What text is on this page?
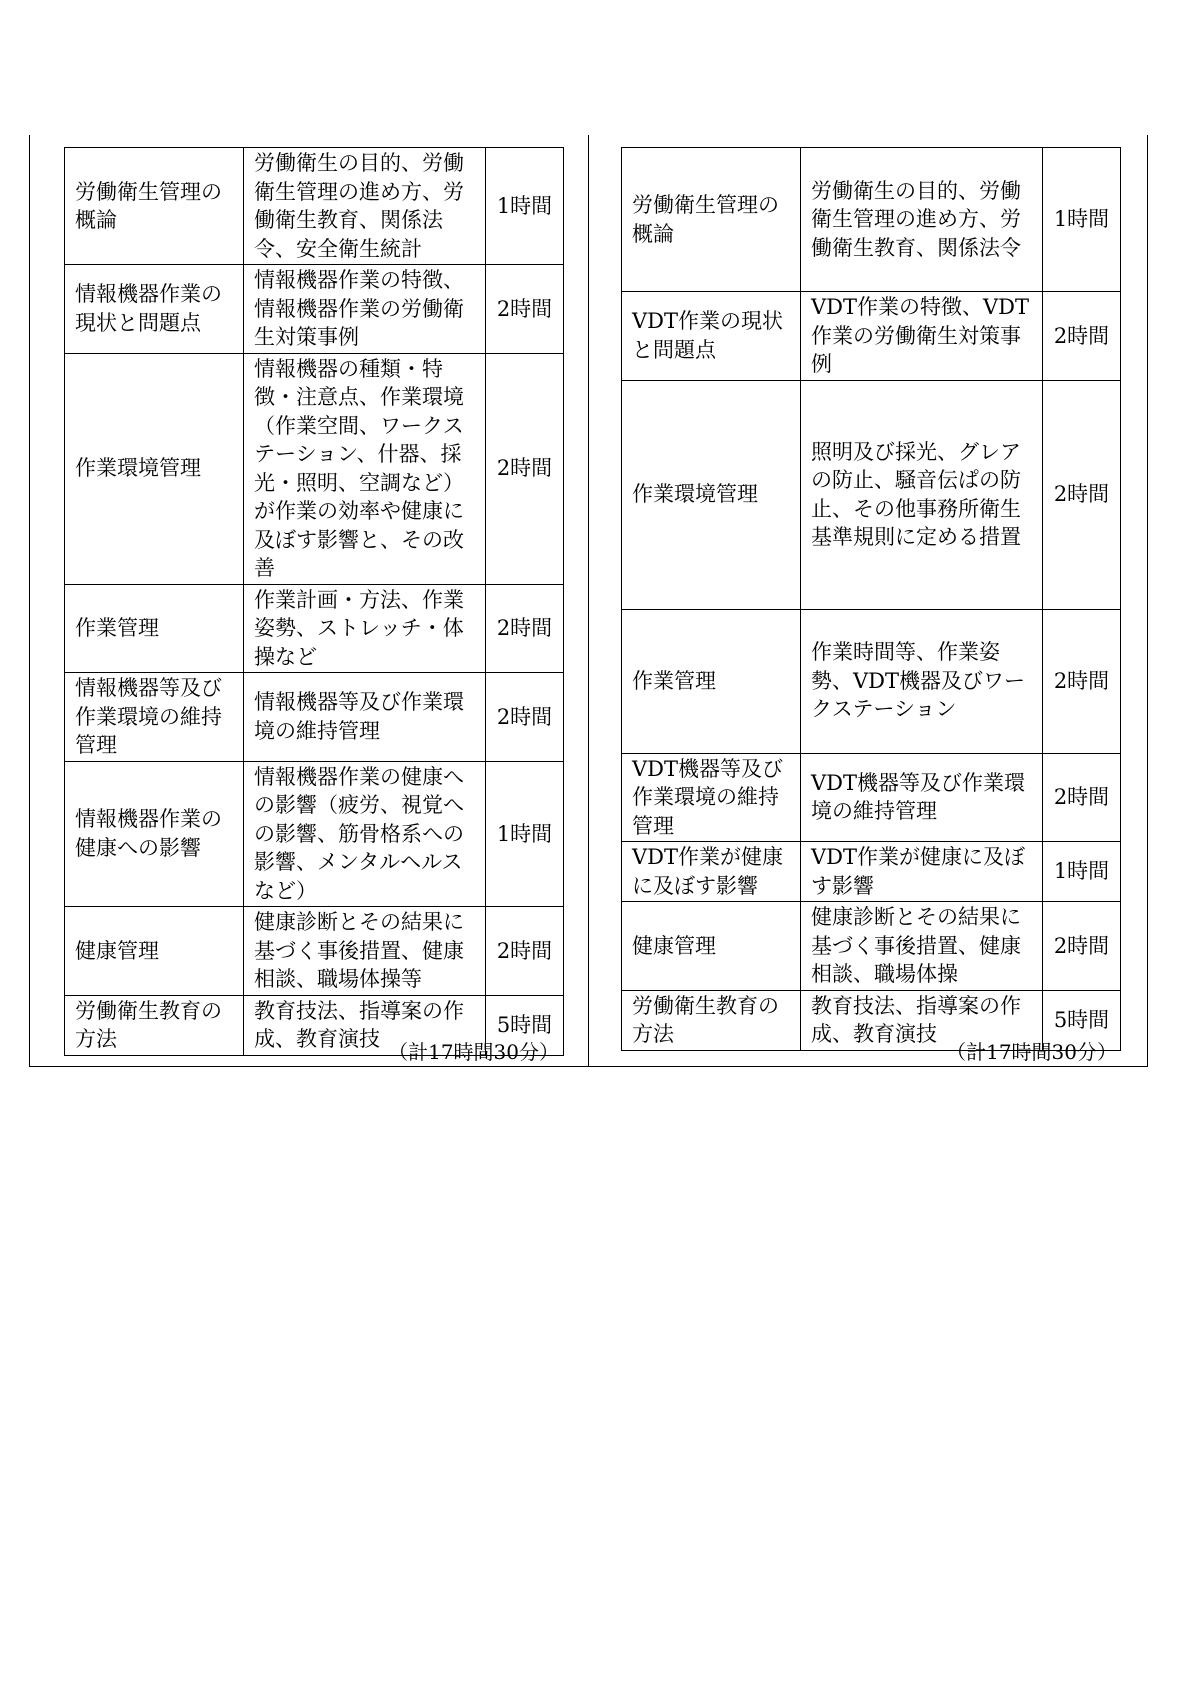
労働衛生管理の概論	労働衛生の目的、労働衛生管理の進め方、労働衛生教育、関係法令、安全衛生統計	1時間
情報機器作業の現状と問題点	情報機器作業の特徴、情報機器作業の労働衛生対策事例	2時間
作業環境管理	情報機器の種類・特徴・注意点、作業環境（作業空間、ワークステーション、什器、採光・照明、空調など）が作業の効率や健康に及ぼす影響と、その改善	2時間
作業管理	作業計画・方法、作業姿勢、ストレッチ・体操など	2時間
情報機器等及び作業環境の維持管理	情報機器等及び作業環境の維持管理	2時間
情報機器作業の健康への影響	情報機器作業の健康への影響（疲労、視覚への影響、筋骨格系への影響、メンタルヘルスなど）	1時間
健康管理	健康診断とその結果に基づく事後措置、健康相談、職場体操等	2時間
労働衛生教育の方法	教育技法、指導案の作成、教育演技	5時間
（計17時間30分）
労働衛生管理の概論	労働衛生の目的、労働衛生管理の進め方、労働衛生教育、関係法令	1時間
VDT作業の現状と問題点	VDT作業の特徴、VDT作業の労働衛生対策事例	2時間
作業環境管理	照明及び採光、グレアの防止、騒音伝ぱの防止、その他事務所衛生基準規則に定める措置	2時間
作業管理	作業時間等、作業姿勢、VDT機器及びワークステーション	2時間
VDT機器等及び作業環境の維持管理	VDT機器等及び作業環境の維持管理	2時間
VDT作業が健康に及ぼす影響	VDT作業が健康に及ぼす影響	1時間
健康管理	健康診断とその結果に基づく事後措置、健康相談、職場体操	2時間
労働衛生教育の方法	教育技法、指導案の作成、教育演技	5時間
（計17時間30分）
